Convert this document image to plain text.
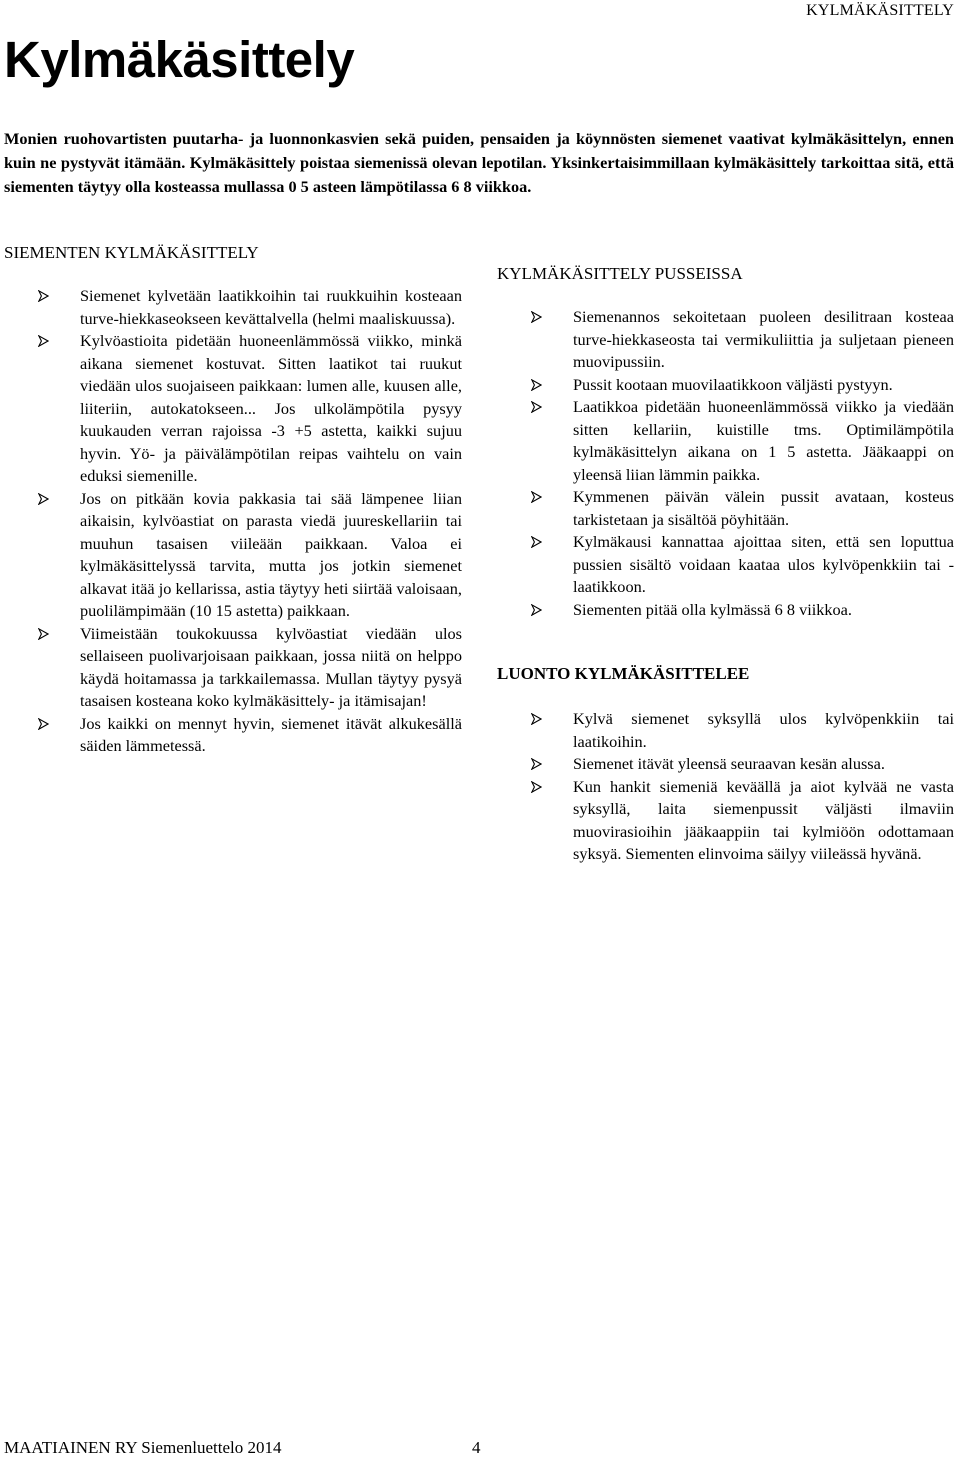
KYLMÄKÄSITTELY
Kylmäkäsittely

Monien ruohovartisten puutarha- ja luonnonkasvien sekä puiden, pensaiden ja köynnösten siemenet vaativat kylmäkäsittelyn, ennen kuin ne pystyvät itämään. Kylmäkäsittely poistaa siemenissä olevan lepotilan. Yksinkertaisimmillaan kylmäkäsittely tarkoittaa sitä, että siementen täytyy olla kosteassa mullassa 0 5 asteen lämpötilassa 6 8 viikkoa.

SIEMENTEN KYLMÄKÄSITTELY
Siemenet kylvetään laatikkoihin tai ruukkuihin kosteaan turve-hiekkaseokseen kevättalvella (helmi maaliskuussa).
Kylvöastioita pidetään huoneenlämmössä viikko, minkä aikana siemenet kostuvat. Sitten laatikot tai ruukut viedään ulos suojaiseen paikkaan: lumen alle, kuusen alle, liiteriin, autokatokseen... Jos ulkolämpötila pysyy kuukauden verran rajoissa -3 +5 astetta, kaikki sujuu hyvin. Yö- ja päivälämpötilan reipas vaihtelu on vain eduksi siemenille.
Jos on pitkään kovia pakkasia tai sää lämpenee liian aikaisin, kylvöastiat on parasta viedä juureskellariin tai muuhun tasaisen viileään paikkaan. Valoa ei kylmäkäsittelyssä tarvita, mutta jos jotkin siemenet alkavat itää jo kellarissa, astia täytyy heti siirtää valoisaan, puolilämpimään (10 15 astetta) paikkaan.
Viimeistään toukokuussa kylvöastiat viedään ulos sellaiseen puolivarjoisaan paikkaan, jossa niitä on helppo käydä hoitamassa ja tarkkailemassa. Mullan täytyy pysyä tasaisen kosteana koko kylmäkäsittely- ja itämisajan!
Jos kaikki on mennyt hyvin, siemenet itävät alkukesällä säiden lämmetessä.
KYLMÄKÄSITTELY PUSSEISSA
Siemenannos sekoitetaan puoleen desilitraan kosteaa turve-hiekkaseosta tai vermikuliittia ja suljetaan pieneen muovipussiin.
Pussit kootaan muovilaatikkoon väljästi pystyyn.
Laatikkoa pidetään huoneenlämmössä viikko ja viedään sitten kellariin, kuistille tms. Optimilämpötila kylmäkäsittelyn aikana on 1 5 astetta. Jääkaappi on yleensä liian lämmin paikka.
Kymmenen päivän välein pussit avataan, kosteus tarkistetaan ja sisältöä pöyhitään.
Kylmäkausi kannattaa ajoittaa siten, että sen loputtua pussien sisältö voidaan kaataa ulos kylvöpenkkiin tai -laatikkoon.
Siementen pitää olla kylmässä 6 8 viikkoa.
LUONTO KYLMÄKÄSITTELEE
Kylvä siemenet syksyllä ulos kylvöpenkkiin tai laatikoihin.
Siemenet itävät yleensä seuraavan kesän alussa.
Kun hankit siemeniä keväällä ja aiot kylvää ne vasta syksyllä, laita siemenpussit väljästi ilmaviin muovirasioihin jääkaappiin tai kylmiöön odottamaan syksyä. Siementen elinvoima säilyy viileässä hyvänä.
MAATIAINEN RY Siemenluettelo 2014	4
